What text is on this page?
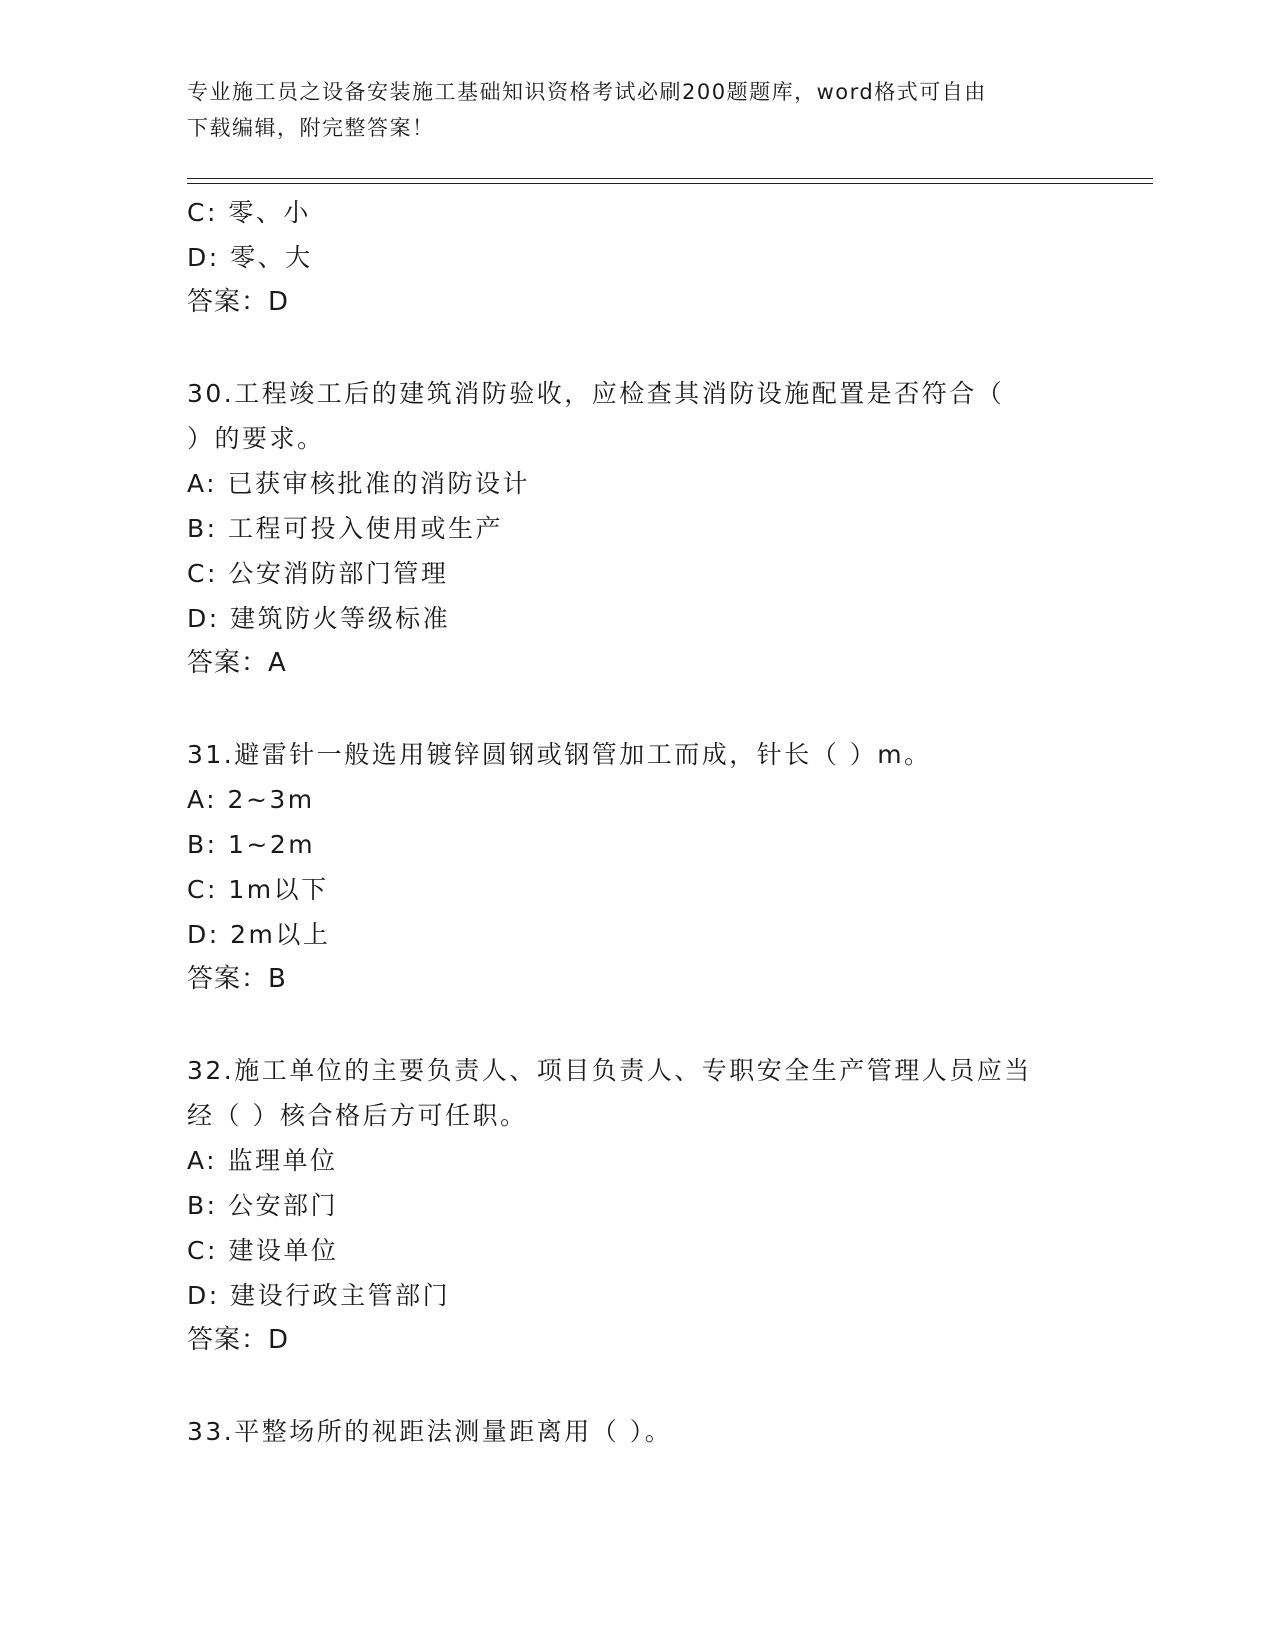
专业施工员之设备安装施工基础知识资格考试必刷200题题库，word格式可自由
下载编辑，附完整答案！
C: 零、小
D: 零、大
答案：D
30.工程竣工后的建筑消防验收，应检查其消防设施配置是否符合（
）的要求。
A: 已获审核批准的消防设计
B: 工程可投入使用或生产
C: 公安消防部门管理
D: 建筑防火等级标准
答案：A
31.避雷针一般选用镀锌圆钢或钢管加工而成，针长（ ）m。
A: 2~3m
B: 1~2m
C: 1m以下
D: 2m以上
答案：B
32.施工单位的主要负责人、项目负责人、专职安全生产管理人员应当
经（ ）核合格后方可任职。
A: 监理单位
B: 公安部门
C: 建设单位
D: 建设行政主管部门
答案：D
33.平整场所的视距法测量距离用（ ）。
